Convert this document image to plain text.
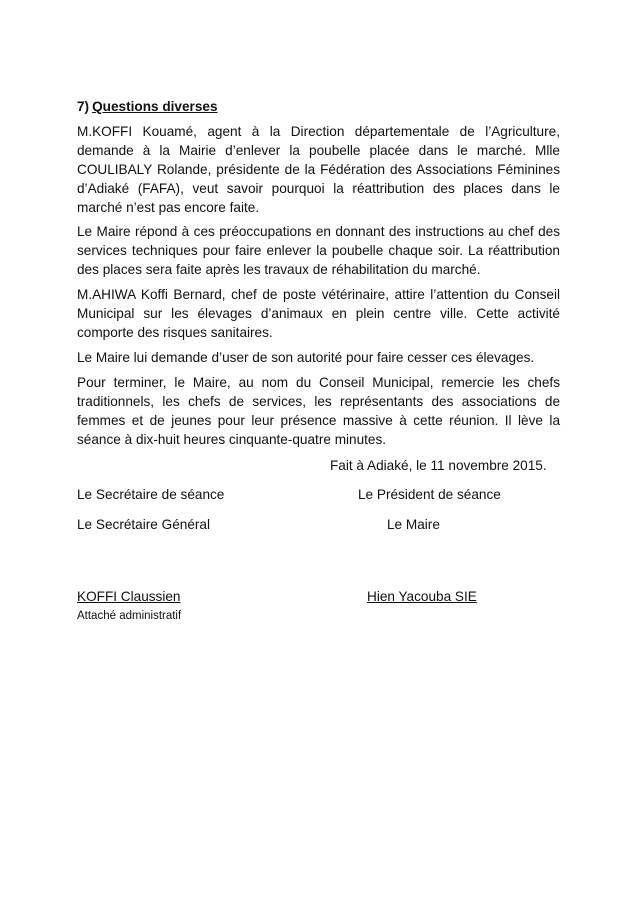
7) Questions diverses

M.KOFFI Kouamé, agent à la Direction départementale de l’Agriculture, demande à la Mairie d’enlever la poubelle placée dans le marché. Mlle COULIBALY Rolande, présidente de la Fédération des Associations Féminines d’Adiaké (FAFA), veut savoir pourquoi la réattribution des places dans le marché n’est pas encore faite.

Le Maire répond à ces préoccupations en donnant des instructions au chef des services techniques pour faire enlever la poubelle chaque soir. La réattribution des places sera faite après les travaux de réhabilitation du marché.

M.AHIWA Koffi Bernard, chef de poste vétérinaire, attire l’attention du Conseil Municipal sur les élevages d’animaux en plein centre ville. Cette activité comporte des risques sanitaires.

Le Maire lui demande d’user de son autorité pour faire cesser ces élevages.

Pour terminer, le Maire, au nom du Conseil Municipal, remercie les chefs traditionnels, les chefs de services, les représentants des associations de femmes et de jeunes pour leur présence massive à cette réunion. Il lève la séance à dix-huit heures cinquante-quatre minutes.

Fait à Adiaké, le 11 novembre 2015.
Le Secrétaire de séance	Le Président de séance
Le Secrétaire Général	Le Maire
KOFFI Claussien	Hien Yacouba SIE
Attaché administratif
